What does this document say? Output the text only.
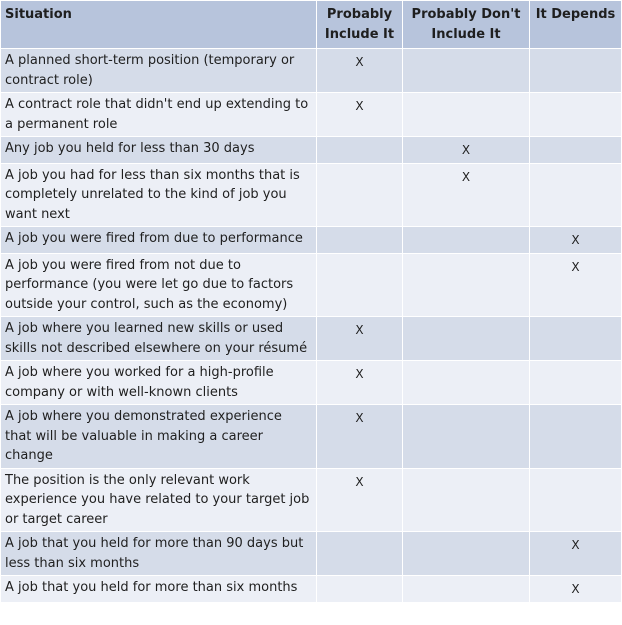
Situation	Probably Include It	Probably Don't Include It	It Depends
A planned short-term position (temporary or contract role)	X		
A contract role that didn't end up extending to a permanent role	X		
Any job you held for less than 30 days		X	
A job you had for less than six months that is completely unrelated to the kind of job you want next		X	
A job you were fired from due to performance			X
A job you were fired from not due to performance (you were let go due to factors outside your control, such as the economy)			X
A job where you learned new skills or used skills not described elsewhere on your résumé	X		
A job where you worked for a high-profile company or with well-known clients	X		
A job where you demonstrated experience that will be valuable in making a career change	X		
The position is the only relevant work experience you have related to your target job or target career	X		
A job that you held for more than 90 days but less than six months			X
A job that you held for more than six months			X
